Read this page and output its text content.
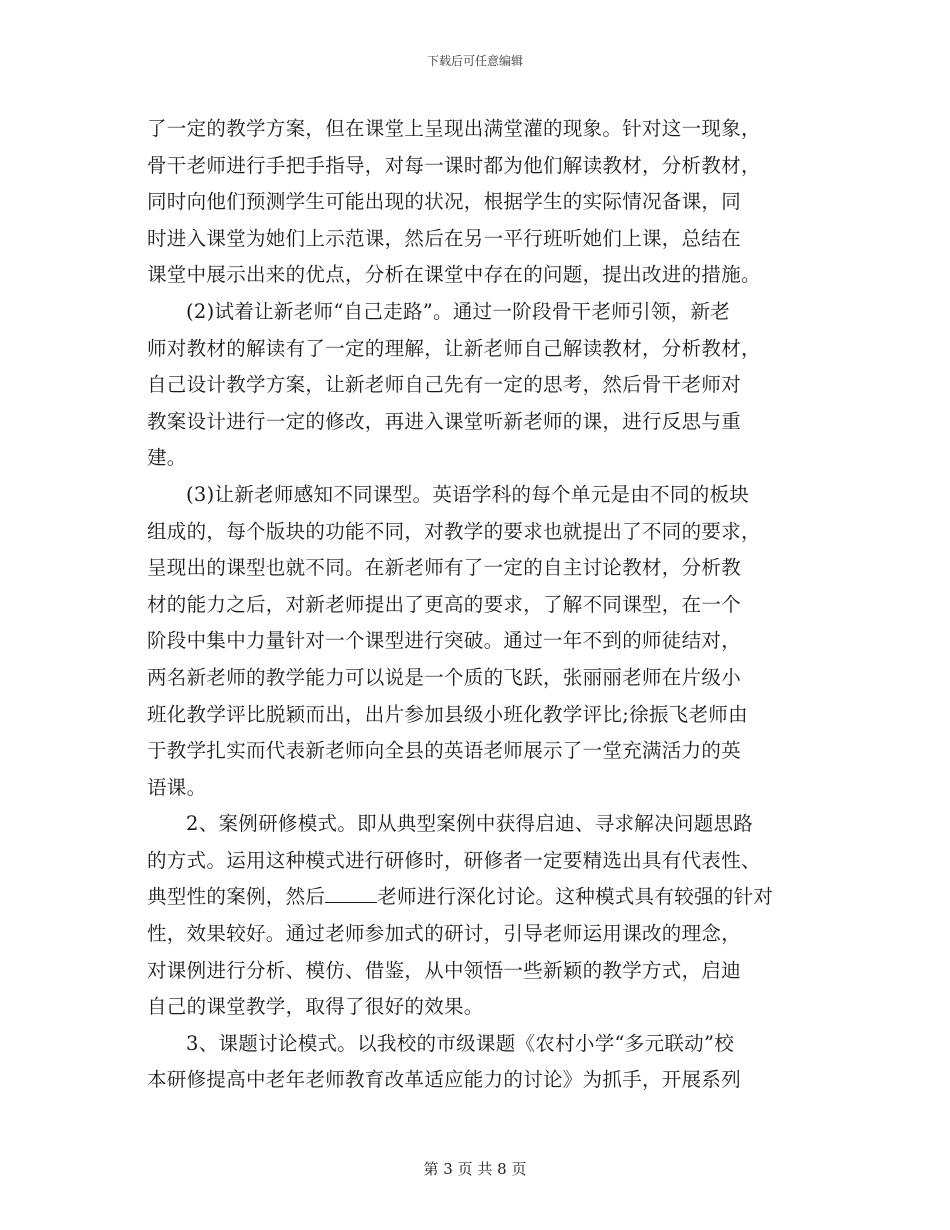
下载后可任意编辑
了一定的教学方案，但在课堂上呈现出满堂灌的现象。针对这一现象，
骨干老师进行手把手指导，对每一课时都为他们解读教材，分析教材，
同时向他们预测学生可能出现的状况，根据学生的实际情况备课，同
时进入课堂为她们上示范课，然后在另一平行班听她们上课，总结在
课堂中展示出来的优点，分析在课堂中存在的问题，提出改进的措施。
(2)试着让新老师“自己走路”。通过一阶段骨干老师引领，新老
师对教材的解读有了一定的理解，让新老师自己解读教材，分析教材，
自己设计教学方案，让新老师自己先有一定的思考，然后骨干老师对
教案设计进行一定的修改，再进入课堂听新老师的课，进行反思与重
建。
(3)让新老师感知不同课型。英语学科的每个单元是由不同的板块
组成的，每个版块的功能不同，对教学的要求也就提出了不同的要求，
呈现出的课型也就不同。在新老师有了一定的自主讨论教材，分析教
材的能力之后，对新老师提出了更高的要求，了解不同课型，在一个
阶段中集中力量针对一个课型进行突破。通过一年不到的师徒结对，
两名新老师的教学能力可以说是一个质的飞跃，张丽丽老师在片级小
班化教学评比脱颖而出，出片参加县级小班化教学评比;徐振飞老师由
于教学扎实而代表新老师向全县的英语老师展示了一堂充满活力的英
语课。
2、案例研修模式。即从典型案例中获得启迪、寻求解决问题思路
的方式。运用这种模式进行研修时，研修者一定要精选出具有代表性、
典型性的案例，然后	老师进行深化讨论。这种模式具有较强的针对
性，效果较好。通过老师参加式的研讨，引导老师运用课改的理念，
对课例进行分析、模仿、借鉴，从中领悟一些新颖的教学方式，启迪
自己的课堂教学，取得了很好的效果。
3、课题讨论模式。以我校的市级课题《农村小学“多元联动”校
本研修提高中老年老师教育改革适应能力的讨论》为抓手，开展系列
第 3 页 共 8 页
